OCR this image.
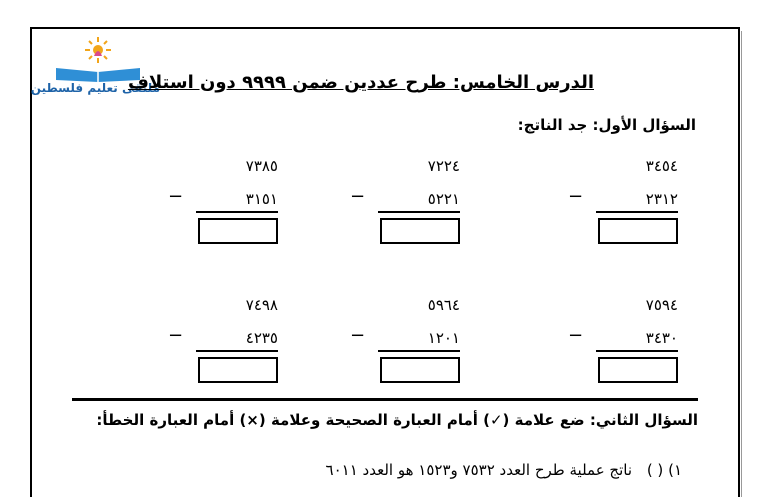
ملتقى تعليم فلسطين
الدرس الخامس: طرح عددين ضمن ٩٩٩٩ دون استلاف
السؤال الأول: جد الناتج:
٣٤٥٤
−	٢٣١٢
٧٢٢٤
−	٥٢٢١
٧٣٨٥
−	٣١٥١
٧٥٩٤
−	٣٤٣٠
٥٩٦٤
−	١٢٠١
٧٤٩٨
−	٤٢٣٥
السؤال الثاني: ضع علامة (✓) أمام العبارة الصحيحة وعلامة (×) أمام العبارة الخطأ:
١) ( ) ناتج عملية طرح العدد ٧٥٣٢ و١٥٢٣ هو العدد ٦٠١١
